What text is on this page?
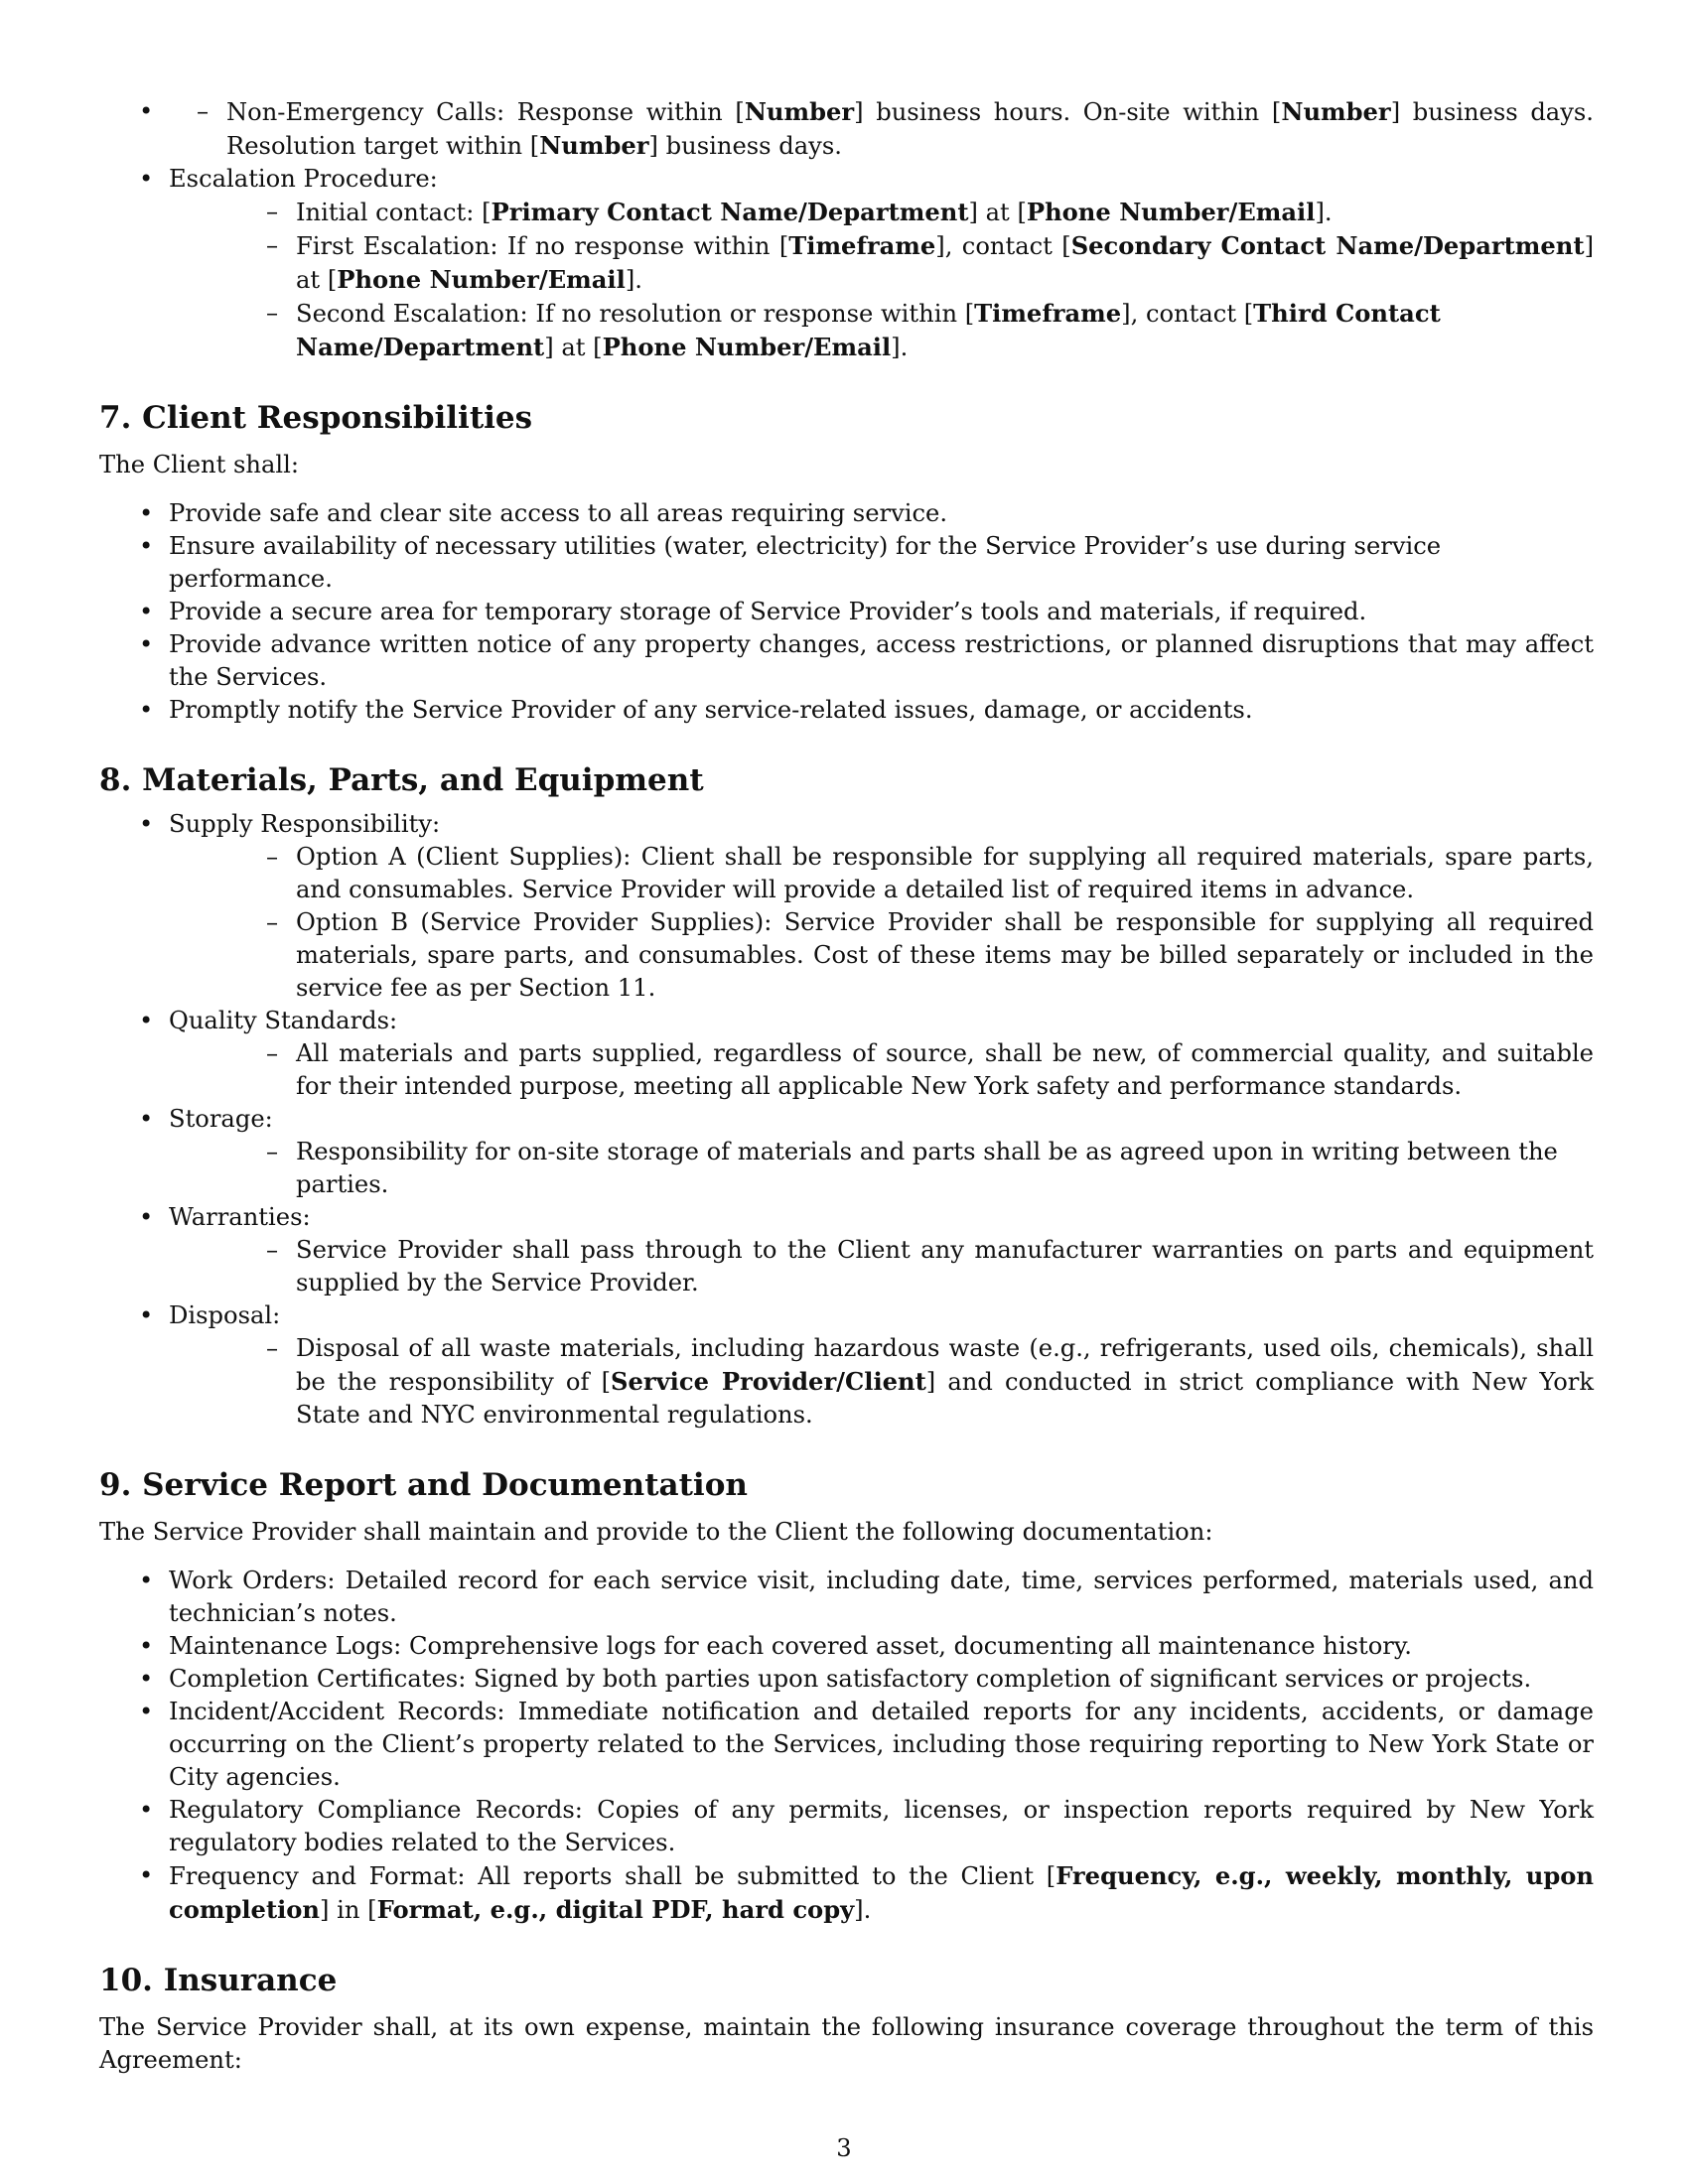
– • Non-Emergency Calls: Response within [Number] business hours. On-site within [Number] business days. Resolution target within [Number] business days.
• Escalation Procedure:
– Initial contact: [Primary Contact Name/Department] at [Phone Number/Email].
– First Escalation: If no response within [Timeframe], contact [Secondary Contact Name/Department] at [Phone Number/Email].
– Second Escalation: If no resolution or response within [Timeframe], contact [Third Contact Name/Department] at [Phone Number/Email].
7. Client Responsibilities

The Client shall:

• Provide safe and clear site access to all areas requiring service.
• Ensure availability of necessary utilities (water, electricity) for the Service Provider’s use during service performance.
• Provide a secure area for temporary storage of Service Provider’s tools and materials, if required.
• Provide advance written notice of any property changes, access restrictions, or planned disruptions that may affect the Services.
• Promptly notify the Service Provider of any service-related issues, damage, or accidents.
8. Materials, Parts, and Equipment
• Supply Responsibility:
– Option A (Client Supplies): Client shall be responsible for supplying all required materials, spare parts, and consumables. Service Provider will provide a detailed list of required items in advance.
– Option B (Service Provider Supplies): Service Provider shall be responsible for supplying all required materials, spare parts, and consumables. Cost of these items may be billed separately or included in the service fee as per Section 11.
• Quality Standards:
– All materials and parts supplied, regardless of source, shall be new, of commercial quality, and suitable for their intended purpose, meeting all applicable New York safety and performance standards.
• Storage:
– Responsibility for on-site storage of materials and parts shall be as agreed upon in writing between the parties.
• Warranties:
– Service Provider shall pass through to the Client any manufacturer warranties on parts and equipment supplied by the Service Provider.
• Disposal:
– Disposal of all waste materials, including hazardous waste (e.g., refrigerants, used oils, chemicals), shall be the responsibility of [Service Provider/Client] and conducted in strict compliance with New York State and NYC environmental regulations.
9. Service Report and Documentation

The Service Provider shall maintain and provide to the Client the following documentation:

• Work Orders: Detailed record for each service visit, including date, time, services performed, materials used, and technician’s notes.
• Maintenance Logs: Comprehensive logs for each covered asset, documenting all maintenance history.
• Completion Certificates: Signed by both parties upon satisfactory completion of significant services or projects.
• Incident/Accident Records: Immediate notification and detailed reports for any incidents, accidents, or damage occurring on the Client’s property related to the Services, including those requiring reporting to New York State or City agencies.
• Regulatory Compliance Records: Copies of any permits, licenses, or inspection reports required by New York regulatory bodies related to the Services.
• Frequency and Format: All reports shall be submitted to the Client [Frequency, e.g., weekly, monthly, upon completion] in [Format, e.g., digital PDF, hard copy].
10. Insurance

The Service Provider shall, at its own expense, maintain the following insurance coverage throughout the term of this Agreement:

3
